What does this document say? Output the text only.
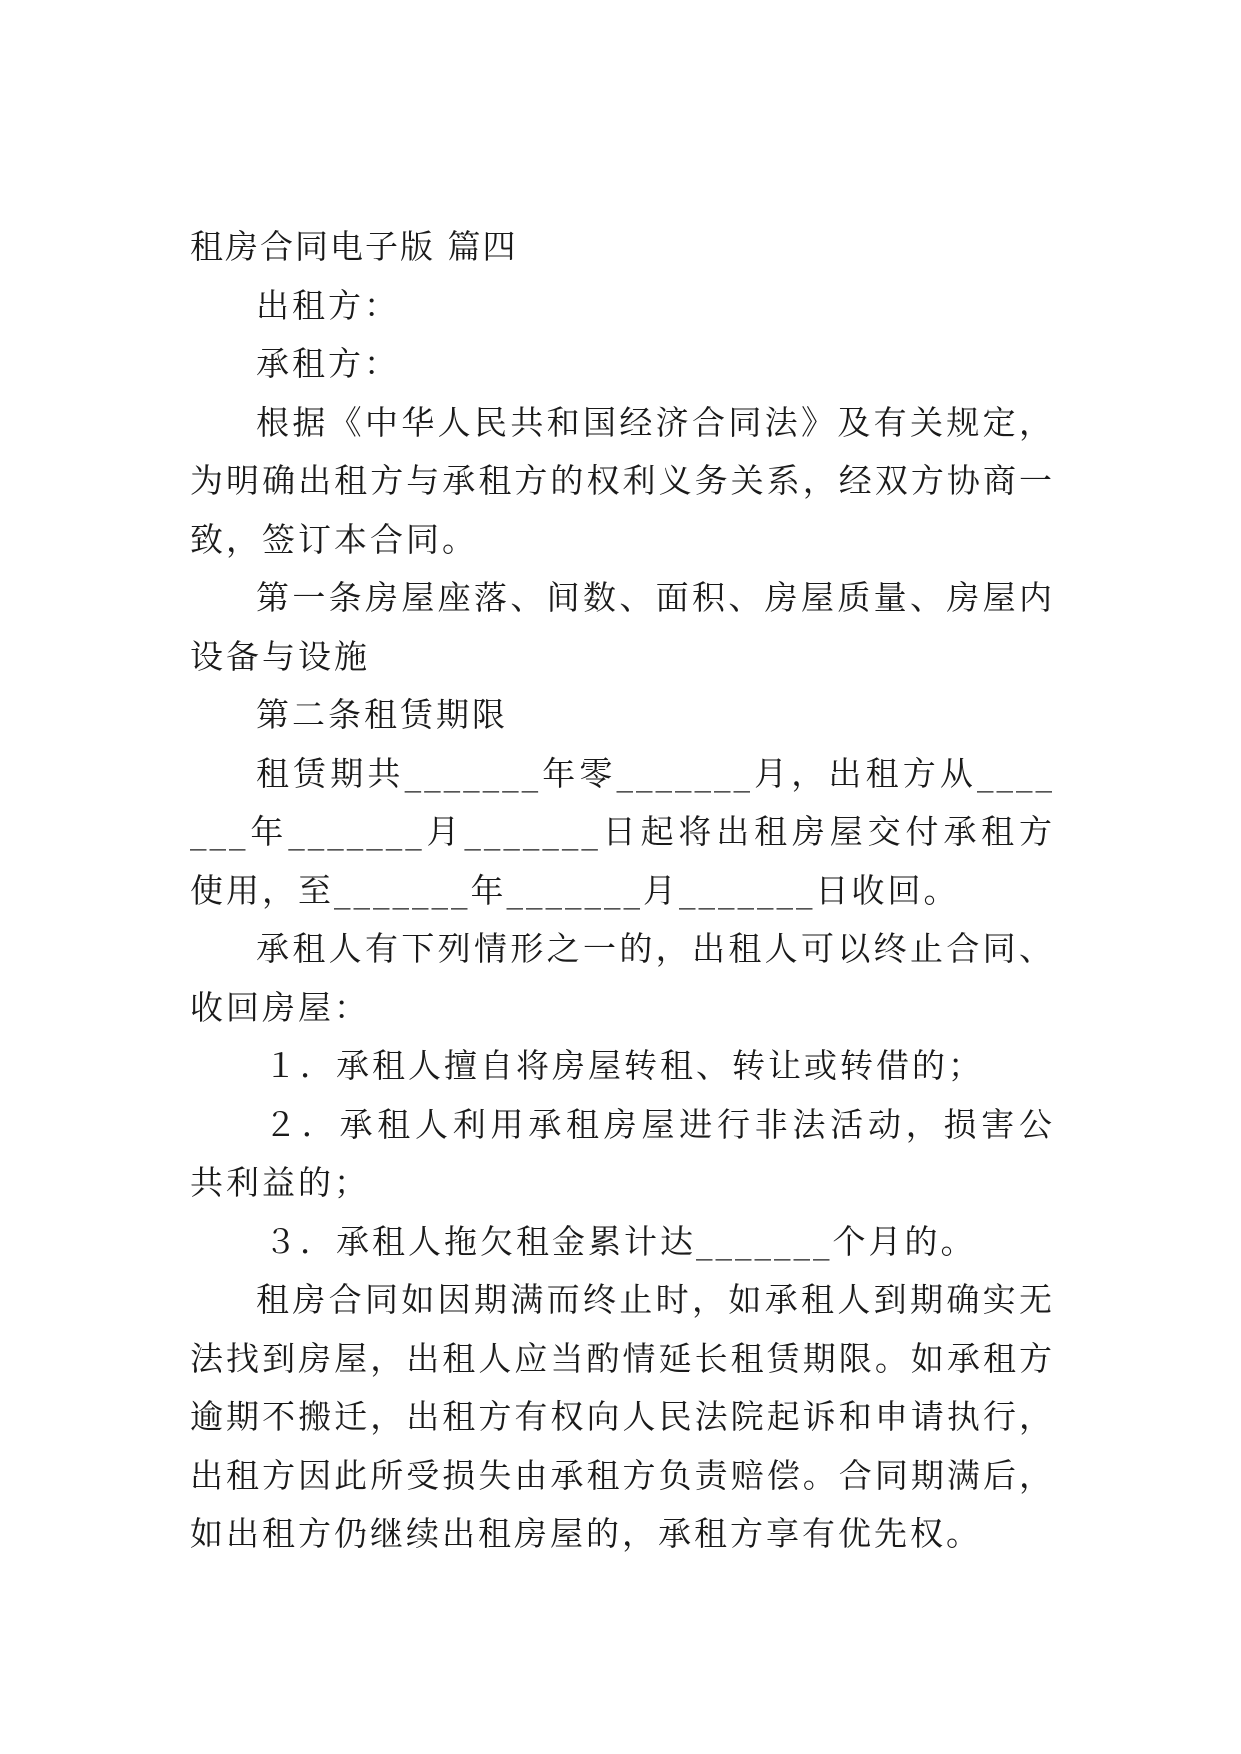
租房合同电子版 篇四

出租方：

承租方：

根据《中华人民共和国经济合同法》及有关规定，为明确出租方与承租方的权利义务关系，经双方协商一致，签订本合同。

第一条房屋座落、间数、面积、房屋质量、房屋内设备与设施

第二条租赁期限

租赁期共_______年零_______月，出租方从_______年_______月_______日起将出租房屋交付承租方使用，至_______年_______月_______日收回。

承租人有下列情形之一的，出租人可以终止合同、收回房屋：

１．承租人擅自将房屋转租、转让或转借的；

２．承租人利用承租房屋进行非法活动，损害公共利益的；

３．承租人拖欠租金累计达_______个月的。

租房合同如因期满而终止时，如承租人到期确实无法找到房屋，出租人应当酌情延长租赁期限。如承租方逾期不搬迁，出租方有权向人民法院起诉和申请执行，出租方因此所受损失由承租方负责赔偿。合同期满后，如出租方仍继续出租房屋的，承租方享有优先权。
